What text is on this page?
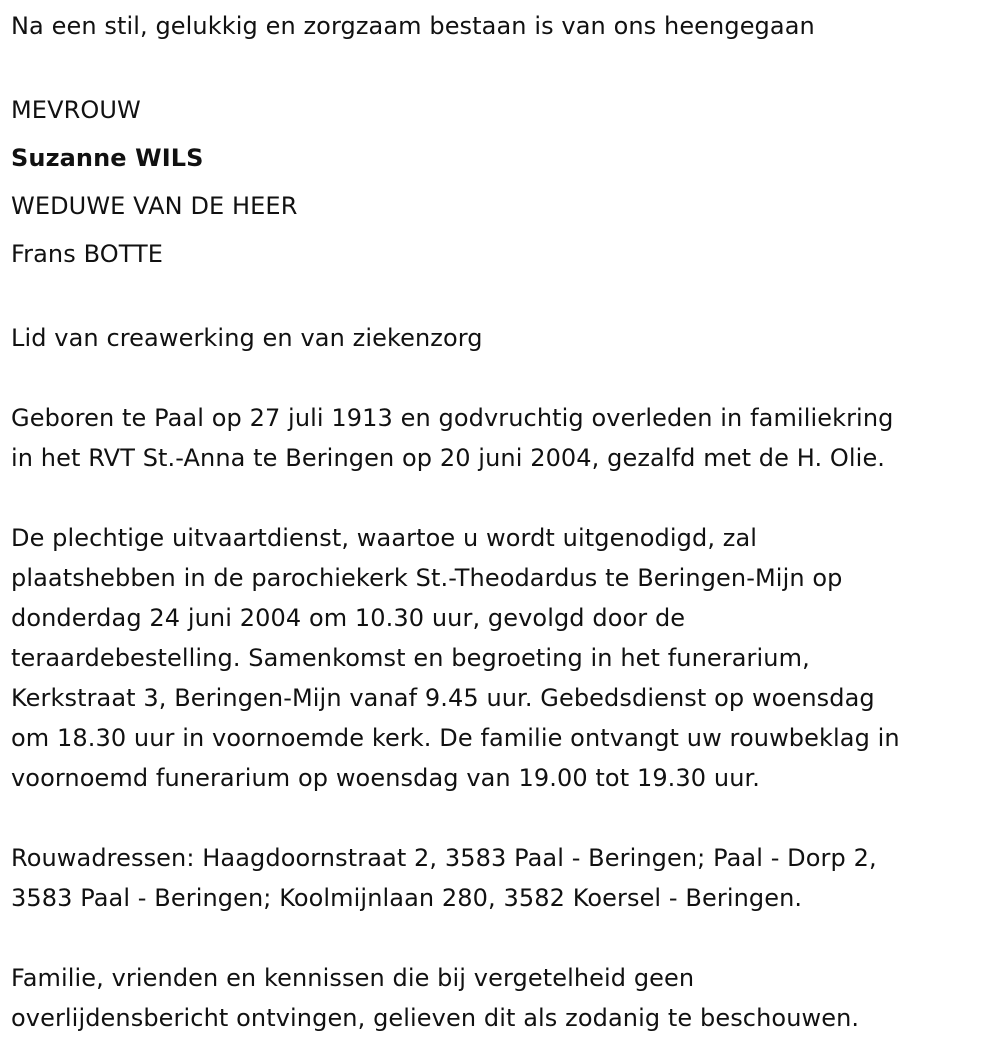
Na een stil, gelukkig en zorgzaam bestaan is van ons heengegaan
MEVROUW
Suzanne WILS
WEDUWE VAN DE HEER
Frans BOTTE
Lid van creawerking en van ziekenzorg
Geboren te Paal op 27 juli 1913 en godvruchtig overleden in familiekring
in het RVT St.-Anna te Beringen op 20 juni 2004, gezalfd met de H. Olie.
De plechtige uitvaartdienst, waartoe u wordt uitgenodigd, zal
plaatshebben in de parochiekerk St.-Theodardus te Beringen-Mijn op
donderdag 24 juni 2004 om 10.30 uur, gevolgd door de
teraardebestelling. Samenkomst en begroeting in het funerarium,
Kerkstraat 3, Beringen-Mijn vanaf 9.45 uur. Gebedsdienst op woensdag
om 18.30 uur in voornoemde kerk. De familie ontvangt uw rouwbeklag in
voornoemd funerarium op woensdag van 19.00 tot 19.30 uur.
Rouwadressen: Haagdoornstraat 2, 3583 Paal - Beringen; Paal - Dorp 2,
3583 Paal - Beringen; Koolmijnlaan 280, 3582 Koersel - Beringen.
Familie, vrienden en kennissen die bij vergetelheid geen
overlijdensbericht ontvingen, gelieven dit als zodanig te beschouwen.
